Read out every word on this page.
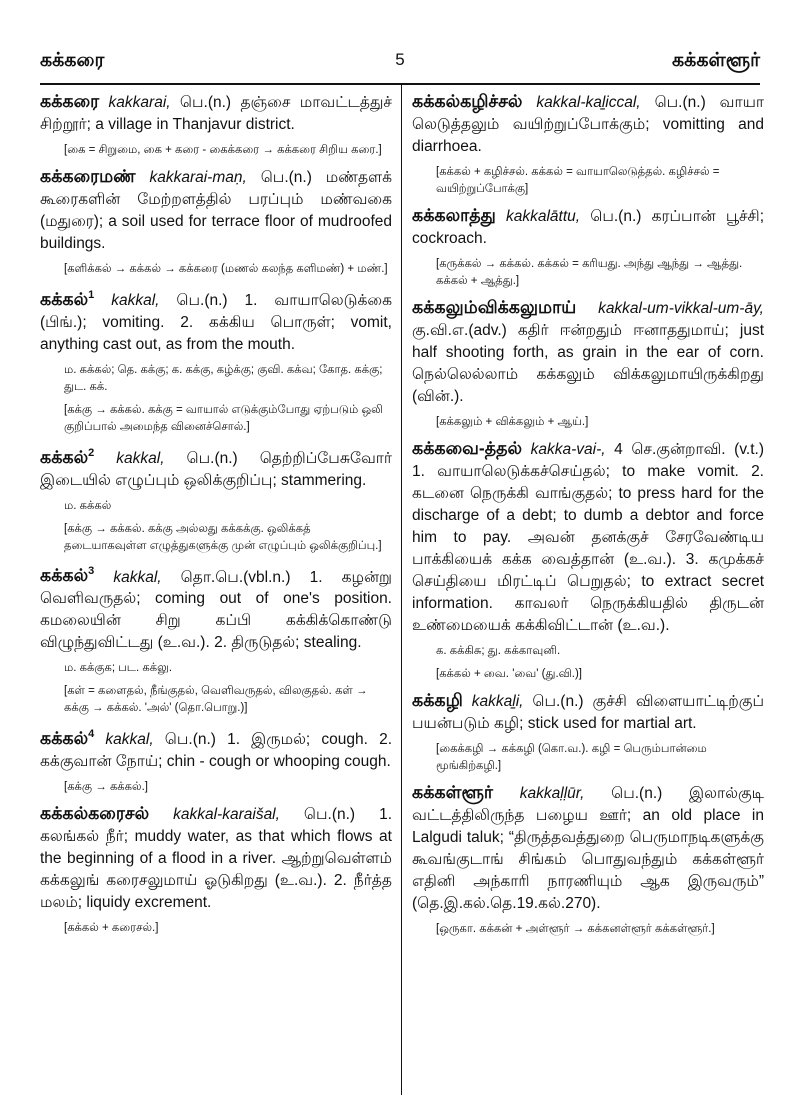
கக்கரை	5	கக்கள்ளூர்

கக்கரை kakkarai, பெ.(n.) தஞ்சை மாவட்டத்துச் சிற்றூர்; a village in Thanjavur district.

[கை = சிறுமை, கை + கரை - கைக்கரை → கக்கரை சிறிய கரை.]

கக்கரைமண் kakkarai-maṇ, பெ.(n.) மண்தளக் கூரைகளின் மேற்றளத்தில் பரப்பும் மண்வகை (மதுரை); a soil used for terrace floor of mudroofed buildings.

[களிக்கல் → கக்கல் → கக்கரை (மணல் கலந்த களிமண்) + மண்.]

கக்கல்$^1$ kakkal, பெ.(n.) 1. வாயாலெடுக்கை (பிங்.); vomiting. 2. கக்கிய பொருள்; vomit, anything cast out, as from the mouth.

ம. கக்கல்; தெ. கக்கு; க. கக்கு, கழ்க்கு; குவி. கக்வ; கோத. கக்கு; துட. கக்.

[கக்கு → கக்கல். கக்கு = வாயால் எடுக்கும்போது ஏற்படும் ஒலி குறிப்பால் அமைந்த வினைச்சொல்.]

கக்கல்$^2$ kakkal, பெ.(n.) தெற்றிப்பேசுவோர் இடையில் எழுப்பும் ஒலிக்குறிப்பு; stammering.

ம. கக்கல்

[கக்கு → கக்கல். கக்கு அல்லது கக்கக்கு. ஒலிக்கத் தடையாகவுள்ள எழுத்துகளுக்கு முன் எழுப்பும் ஒலிக்குறிப்பு.]

கக்கல்$^3$ kakkal, தொ.பெ.(vbl.n.) 1. கழன்று வெளிவருதல்; coming out of one's position. கமலையின் சிறு கப்பி கக்கிக்கொண்டு விழுந்துவிட்டது (உ.வ.). 2. திருடுதல்; stealing.

ம. கக்குக; பட. கக்லு.

[கள் = களைதல், நீங்குதல், வெளிவருதல், விலகுதல். கள் → கக்கு → கக்கல். 'அல்' (தொ.பொறு.)]

கக்கல்$^4$ kakkal, பெ.(n.) 1. இருமல்; cough. 2. கக்குவான் நோய்; chin - cough or whooping cough.

[கக்கு → கக்கல்.]

கக்கல்கரைசல் kakkal-karaišal, பெ.(n.) 1. கலங்கல் நீர்; muddy water, as that which flows at the beginning of a flood in a river. ஆற்றுவெள்ளம் கக்கலுங் கரைசலுமாய் ஓடுகிறது (உ.வ.). 2. நீர்த்த மலம்; liquidy excrement.

[கக்கல் + கரைசல்.]

கக்கல்கழிச்சல் kakkal-kaḻiccal, பெ.(n.) வாயா லெடுத்தலும் வயிற்றுப்போக்கும்; vomitting and diarrhoea.

[கக்கல் + கழிச்சல். கக்கல் = வாயாலெடுத்தல். கழிச்சல் = வயிற்றுப்போக்கு]

கக்கலாத்து kakkalāttu, பெ.(n.) கரப்பான் பூச்சி; cockroach.

[கருக்கல் → கக்கல். கக்கல் = கரியது. அந்து ஆந்து → ஆத்து. கக்கல் + ஆத்து.]

கக்கலும்விக்கலுமாய் kakkal-um-vikkal-um-āy, கு.வி.எ.(adv.) கதிர் ஈன்றதும் ஈனாததுமாய்; just half shooting forth, as grain in the ear of corn. நெல்லெல்லாம் கக்கலும் விக்கலுமாயிருக்கிறது (வின்.).

[கக்கலும் + விக்கலும் + ஆய்.]

கக்கவை-த்தல் kakka-vai-, 4 செ.குன்றாவி. (v.t.) 1. வாயாலெடுக்கச்செய்தல்; to make vomit. 2. கடனை நெருக்கி வாங்குதல்; to press hard for the discharge of a debt; to dumb a debtor and force him to pay. அவன் தனக்குச் சேரவேண்டிய பாக்கியைக் கக்க வைத்தான் (உ.வ.). 3. கமுக்கச் செய்தியை மிரட்டிப் பெறுதல்; to extract secret information. காவலர் நெருக்கியதில் திருடன் உண்மையைக் கக்கிவிட்டான் (உ.வ.).

க. கக்கிசு; து. கக்காவுனி.

[கக்கல் + வை. 'வை' (து.வி.)]

கக்கழி kakkaḻi, பெ.(n.) குச்சி விளையாட்டிற்குப் பயன்படும் கழி; stick used for martial art.

[கைக்கழி → கக்கழி (கொ.வ.). கழி = பெரும்பான்மை மூங்கிற்கழி.]

கக்கள்ளூர் kakkaḷḷūr, பெ.(n.) இலால்குடி வட்டத்திலிருந்த பழைய ஊர்; an old place in Lalgudi taluk; “திருத்தவத்துறை பெருமாநடிகளுக்கு கூவங்குடாங் சிங்கம் பொதுவந்தும் கக்கள்ளூர் எதினி அந்காரி நாரணியும் ஆக இருவரும்” (தெ.இ.கல்.தெ.19.கல்.270).

[ஒருகா. கக்கன் + அள்ளூர் → கக்கனள்ளூர் கக்கள்ளூர்.]
